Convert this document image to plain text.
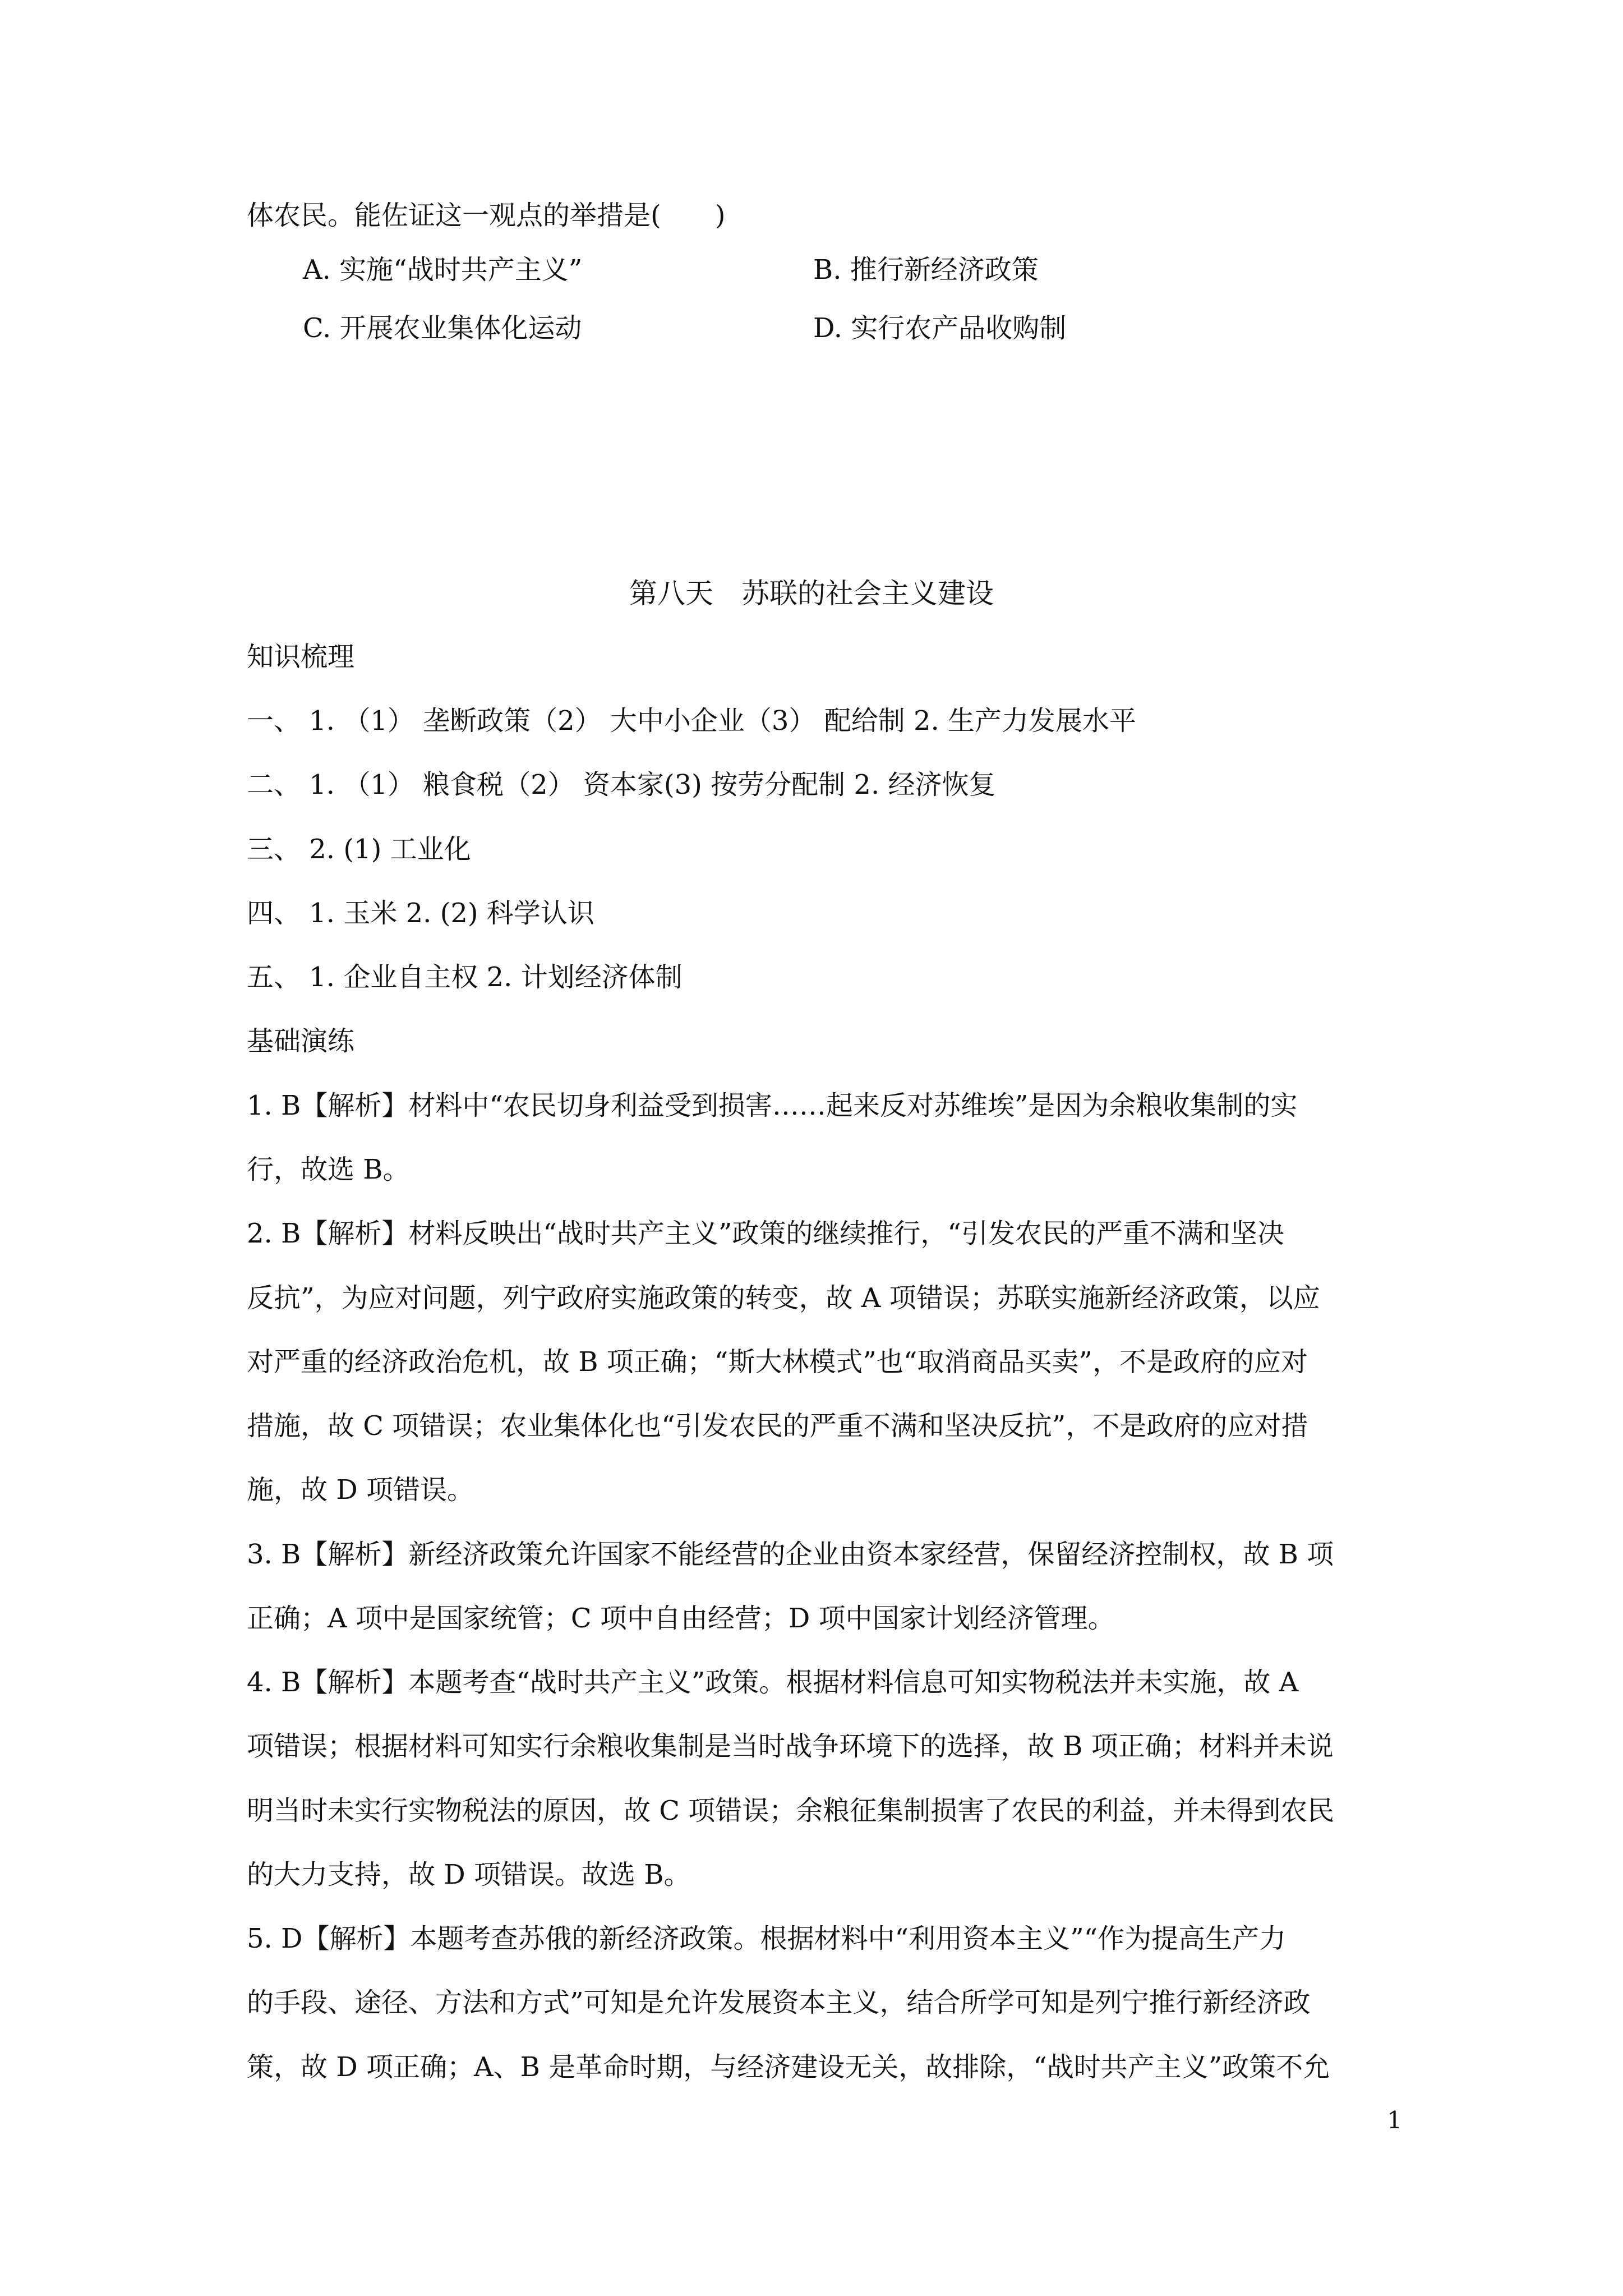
体农民。能佐证这一观点的举措是(　　)
A. 实施“战时共产主义”	B. 推行新经济政策
C. 开展农业集体化运动	D. 实行农产品收购制
第八天　苏联的社会主义建设
知识梳理
一、 1. （1） 垄断政策（2） 大中小企业（3） 配给制 2. 生产力发展水平
二、 1. （1） 粮食税（2） 资本家(3) 按劳分配制 2. 经济恢复
三、 2. (1) 工业化
四、 1. 玉米 2. (2) 科学认识
五、 1. 企业自主权 2. 计划经济体制
基础演练
1. B【解析】材料中“农民切身利益受到损害……起来反对苏维埃”是因为余粮收集制的实
行，故选 B。
2. B【解析】材料反映出“战时共产主义”政策的继续推行，“引发农民的严重不满和坚决
反抗”，为应对问题，列宁政府实施政策的转变，故 A 项错误；苏联实施新经济政策，以应
对严重的经济政治危机，故 B 项正确；“斯大林模式”也“取消商品买卖”，不是政府的应对
措施，故 C 项错误；农业集体化也“引发农民的严重不满和坚决反抗”，不是政府的应对措
施，故 D 项错误。
3. B【解析】新经济政策允许国家不能经营的企业由资本家经营，保留经济控制权，故 B 项
正确；A 项中是国家统管；C 项中自由经营；D 项中国家计划经济管理。
4. B【解析】本题考查“战时共产主义”政策。根据材料信息可知实物税法并未实施，故 A
项错误；根据材料可知实行余粮收集制是当时战争环境下的选择，故 B 项正确；材料并未说
明当时未实行实物税法的原因，故 C 项错误；余粮征集制损害了农民的利益，并未得到农民
的大力支持，故 D 项错误。故选 B。
5. D【解析】本题考查苏俄的新经济政策。根据材料中“利用资本主义”“作为提高生产力
的手段、途径、方法和方式”可知是允许发展资本主义，结合所学可知是列宁推行新经济政
策，故 D 项正确；A、B 是革命时期，与经济建设无关，故排除，“战时共产主义”政策不允
1
